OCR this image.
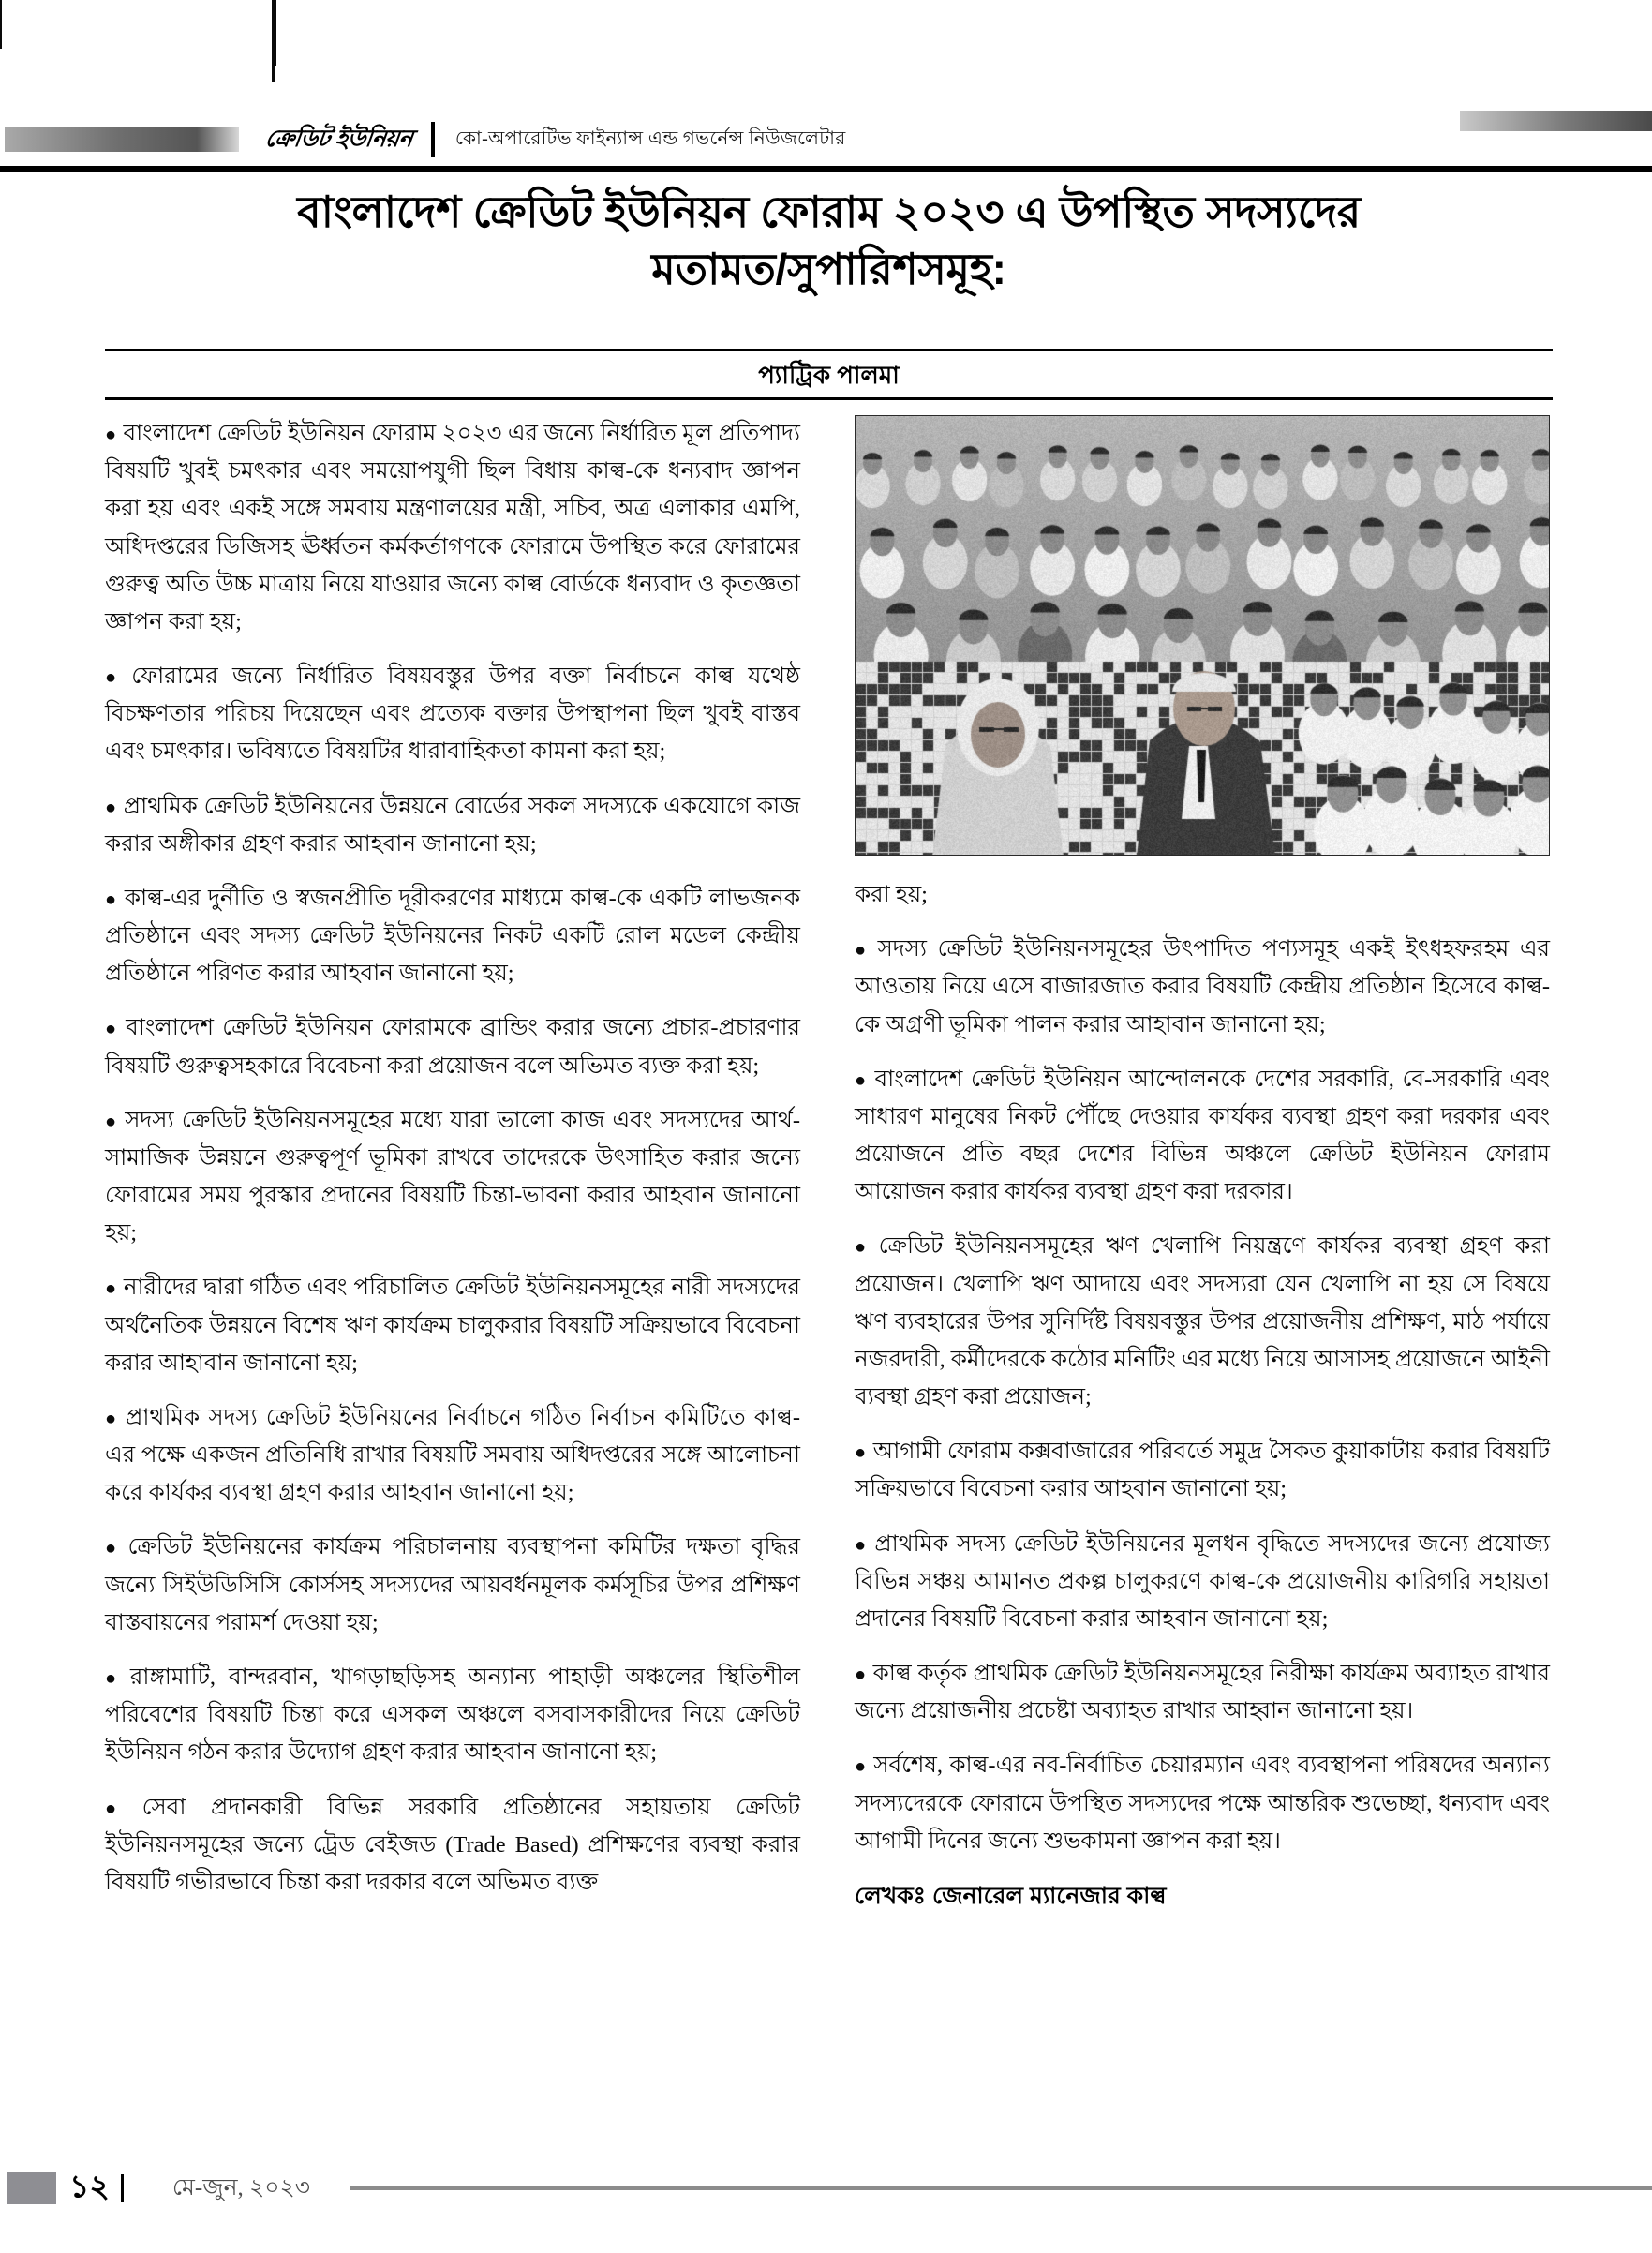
ক্রেডিট ইউনিয়ন কো-অপারেটিভ ফাইন্যান্স এন্ড গভর্নেন্স নিউজলেটার
বাংলাদেশ ক্রেডিট ইউনিয়ন ফোরাম ২০২৩ এ উপস্থিত সদস্যদের
মতামত/সুপারিশসমূহ:
প্যাট্রিক পালমা

● বাংলাদেশ ক্রেডিট ইউনিয়ন ফোরাম ২০২৩ এর জন্যে নির্ধারিত মূল প্রতিপাদ্য বিষয়টি খুবই চমৎকার এবং সময়োপযুগী ছিল বিধায় কাল্ব-কে ধন্যবাদ জ্ঞাপন করা হয় এবং একই সঙ্গে সমবায় মন্ত্রণালয়ের মন্ত্রী, সচিব, অত্র এলাকার এমপি, অধিদপ্তরের ডিজিসহ ঊর্ধ্বতন কর্মকর্তাগণকে ফোরামে উপস্থিত করে ফোরামের গুরুত্ব অতি উচ্চ মাত্রায় নিয়ে যাওয়ার জন্যে কাল্ব বোর্ডকে ধন্যবাদ ও কৃতজ্ঞতা জ্ঞাপন করা হয়;

● ফোরামের জন্যে নির্ধারিত বিষয়বস্তুর উপর বক্তা নির্বাচনে কাল্ব যথেষ্ঠ বিচক্ষণতার পরিচয় দিয়েছেন এবং প্রত্যেক বক্তার উপস্থাপনা ছিল খুবই বাস্তব এবং চমৎকার। ভবিষ্যতে বিষয়টির ধারাবাহিকতা কামনা করা হয়;

● প্রাথমিক ক্রেডিট ইউনিয়নের উন্নয়নে বোর্ডের সকল সদস্যকে একযোগে কাজ করার অঙ্গীকার গ্রহণ করার আহবান জানানো হয়;

● কাল্ব-এর দুর্নীতি ও স্বজনপ্রীতি দূরীকরণের মাধ্যমে কাল্ব-কে একটি লাভজনক প্রতিষ্ঠানে এবং সদস্য ক্রেডিট ইউনিয়নের নিকট একটি রোল মডেল কেন্দ্রীয় প্রতিষ্ঠানে পরিণত করার আহবান জানানো হয়;

● বাংলাদেশ ক্রেডিট ইউনিয়ন ফোরামকে ব্রান্ডিং করার জন্যে প্রচার-প্রচারণার বিষয়টি গুরুত্বসহকারে বিবেচনা করা প্রয়োজন বলে অভিমত ব্যক্ত করা হয়;

● সদস্য ক্রেডিট ইউনিয়নসমূহের মধ্যে যারা ভালো কাজ এবং সদস্যদের আর্থ-সামাজিক উন্নয়নে গুরুত্বপূর্ণ ভূমিকা রাখবে তাদেরকে উৎসাহিত করার জন্যে ফোরামের সময় পুরস্কার প্রদানের বিষয়টি চিন্তা-ভাবনা করার আহবান জানানো হয়;

● নারীদের দ্বারা গঠিত এবং পরিচালিত ক্রেডিট ইউনিয়নসমূহের নারী সদস্যদের অর্থনৈতিক উন্নয়নে বিশেষ ঋণ কার্যক্রম চালুকরার বিষয়টি সক্রিয়ভাবে বিবেচনা করার আহাবান জানানো হয়;

● প্রাথমিক সদস্য ক্রেডিট ইউনিয়নের নির্বাচনে গঠিত নির্বাচন কমিটিতে কাল্ব-এর পক্ষে একজন প্রতিনিধি রাখার বিষয়টি সমবায় অধিদপ্তরের সঙ্গে আলোচনা করে কার্যকর ব্যবস্থা গ্রহণ করার আহবান জানানো হয়;

● ক্রেডিট ইউনিয়নের কার্যক্রম পরিচালনায় ব্যবস্থাপনা কমিটির দক্ষতা বৃদ্ধির জন্যে সিইউডিসিসি কোর্সসহ সদস্যদের আয়বর্ধনমূলক কর্মসূচির উপর প্রশিক্ষণ বাস্তবায়নের পরামর্শ দেওয়া হয়;

● রাঙ্গামাটি, বান্দরবান, খাগড়াছড়িসহ অন্যান্য পাহাড়ী অঞ্চলের স্থিতিশীল পরিবেশের বিষয়টি চিন্তা করে এসকল অঞ্চলে বসবাসকারীদের নিয়ে ক্রেডিট ইউনিয়ন গঠন করার উদ্যোগ গ্রহণ করার আহবান জানানো হয়;

● সেবা প্রদানকারী বিভিন্ন সরকারি প্রতিষ্ঠানের সহায়তায় ক্রেডিট ইউনিয়নসমূহের জন্যে ট্রেড বেইজড (Trade Based) প্রশিক্ষণের ব্যবস্থা করার বিষয়টি গভীরভাবে চিন্তা করা দরকার বলে অভিমত ব্যক্ত

করা হয়;

● সদস্য ক্রেডিট ইউনিয়নসমূহের উৎপাদিত পণ্যসমূহ একই ইৎধহফরহম এর আওতায় নিয়ে এসে বাজারজাত করার বিষয়টি কেন্দ্রীয় প্রতিষ্ঠান হিসেবে কাল্ব-কে অগ্রণী ভূমিকা পালন করার আহাবান জানানো হয়;

● বাংলাদেশ ক্রেডিট ইউনিয়ন আন্দোলনকে দেশের সরকারি, বে-সরকারি এবং সাধারণ মানুষের নিকট পৌঁছে দেওয়ার কার্যকর ব্যবস্থা গ্রহণ করা দরকার এবং প্রয়োজনে প্রতি বছর দেশের বিভিন্ন অঞ্চলে ক্রেডিট ইউনিয়ন ফোরাম আয়োজন করার কার্যকর ব্যবস্থা গ্রহণ করা দরকার।

● ক্রেডিট ইউনিয়নসমূহের ঋণ খেলাপি নিয়ন্ত্রণে কার্যকর ব্যবস্থা গ্রহণ করা প্রয়োজন। খেলাপি ঋণ আদায়ে এবং সদস্যরা যেন খেলাপি না হয় সে বিষয়ে ঋণ ব্যবহারের উপর সুনির্দিষ্ট বিষয়বস্তুর উপর প্রয়োজনীয় প্রশিক্ষণ, মাঠ পর্যায়ে নজরদারী, কর্মীদেরকে কঠোর মনিটিং এর মধ্যে নিয়ে আসাসহ প্রয়োজনে আইনী ব্যবস্থা গ্রহণ করা প্রয়োজন;

● আগামী ফোরাম কক্সবাজারের পরিবর্তে সমুদ্র সৈকত কুয়াকাটায় করার বিষয়টি সক্রিয়ভাবে বিবেচনা করার আহবান জানানো হয়;

● প্রাথমিক সদস্য ক্রেডিট ইউনিয়নের মূলধন বৃদ্ধিতে সদস্যদের জন্যে প্রযোজ্য বিভিন্ন সঞ্চয় আমানত প্রকল্প চালুকরণে কাল্ব-কে প্রয়োজনীয় কারিগরি সহায়তা প্রদানের বিষয়টি বিবেচনা করার আহবান জানানো হয়;

● কাল্ব কর্তৃক প্রাথমিক ক্রেডিট ইউনিয়নসমূহের নিরীক্ষা কার্যক্রম অব্যাহত রাখার জন্যে প্রয়োজনীয় প্রচেষ্টা অব্যাহত রাখার আহ্বান জানানো হয়।

● সর্বশেষ, কাল্ব-এর নব-নির্বাচিত চেয়ারম্যান এবং ব্যবস্থাপনা পরিষদের অন্যান্য সদস্যদেরকে ফোরামে উপস্থিত সদস্যদের পক্ষে আন্তরিক শুভেচ্ছা, ধন্যবাদ এবং আগামী দিনের জন্যে শুভকামনা জ্ঞাপন করা হয়।

লেখকঃ জেনারেল ম্যানেজার কাল্ব
১২	মে-জুন, ২০২৩
